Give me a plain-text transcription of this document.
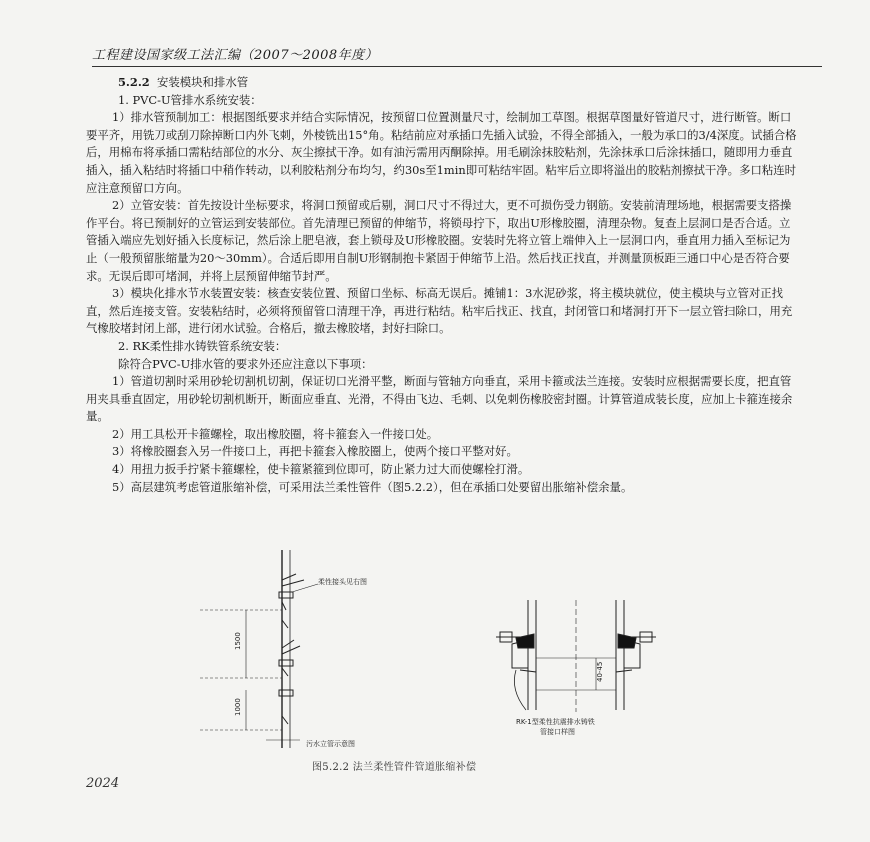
工程建设国家级工法汇编（2007～2008年度）

5.2.2 安装模块和排水管

1. PVC-U管排水系统安装：

1）排水管预制加工：根据图纸要求并结合实际情况，按预留口位置测量尺寸，绘制加工草图。根据草图量好管道尺寸，进行断管。断口要平齐，用铣刀或刮刀除掉断口内外飞刺，外棱铣出15°角。粘结前应对承插口先插入试验，不得全部插入，一般为承口的3/4深度。试插合格后，用棉布将承插口需粘结部位的水分、灰尘擦拭干净。如有油污需用丙酮除掉。用毛刷涂抹胶粘剂，先涂抹承口后涂抹插口，随即用力垂直插入，插入粘结时将插口中稍作转动，以利胶粘剂分布均匀，约30s至1min即可粘结牢固。粘牢后立即将溢出的胶粘剂擦拭干净。多口粘连时应注意预留口方向。

2）立管安装：首先按设计坐标要求，将洞口预留或后剔，洞口尺寸不得过大，更不可损伤受力钢筋。安装前清理场地，根据需要支搭操作平台。将已预制好的立管运到安装部位。首先清理已预留的伸缩节，将锁母拧下，取出U形橡胶圈，清理杂物。复查上层洞口是否合适。立管插入端应先划好插入长度标记，然后涂上肥皂液，套上锁母及U形橡胶圈。安装时先将立管上端伸入上一层洞口内，垂直用力插入至标记为止（一般预留胀缩量为20～30mm）。合适后即用自制U形钢制抱卡紧固于伸缩节上沿。然后找正找直，并测量顶板距三通口中心是否符合要求。无误后即可堵洞，并将上层预留伸缩节封严。

3）模块化排水节水装置安装：核查安装位置、预留口坐标、标高无误后。摊铺1：3水泥砂浆，将主模块就位，使主模块与立管对正找直，然后连接支管。安装粘结时，必须将预留管口清理干净，再进行粘结。粘牢后找正、找直，封闭管口和堵洞打开下一层立管扫除口，用充气橡胶堵封闭上部，进行闭水试验。合格后，撤去橡胶堵，封好扫除口。

2. RK柔性排水铸铁管系统安装：

除符合PVC-U排水管的要求外还应注意以下事项：

1）管道切割时采用砂轮切割机切割，保证切口光滑平整，断面与管轴方向垂直，采用卡箍或法兰连接。安装时应根据需要长度，把直管用夹具垂直固定，用砂轮切割机断开，断面应垂直、光滑，不得由飞边、毛刺、以免刺伤橡胶密封圈。计算管道成装长度，应加上卡箍连接余量。

2）用工具松开卡箍螺栓，取出橡胶圈，将卡箍套入一件接口处。

3）将橡胶圈套入另一件接口上，再把卡箍套入橡胶圈上，使两个接口平整对好。

4）用扭力扳手拧紧卡箍螺栓，使卡箍紧箍到位即可，防止紧力过大而使螺栓打滑。

5）高层建筑考虑管道胀缩补偿，可采用法兰柔性管件（图5.2.2），但在承插口处要留出胀缩补偿余量。

柔性接头见右图
1500
1000
污水立管示意图
40-45
RK-1型柔性抗震排水铸铁
管接口样图
图5.2.2 法兰柔性管件管道胀缩补偿
2024
